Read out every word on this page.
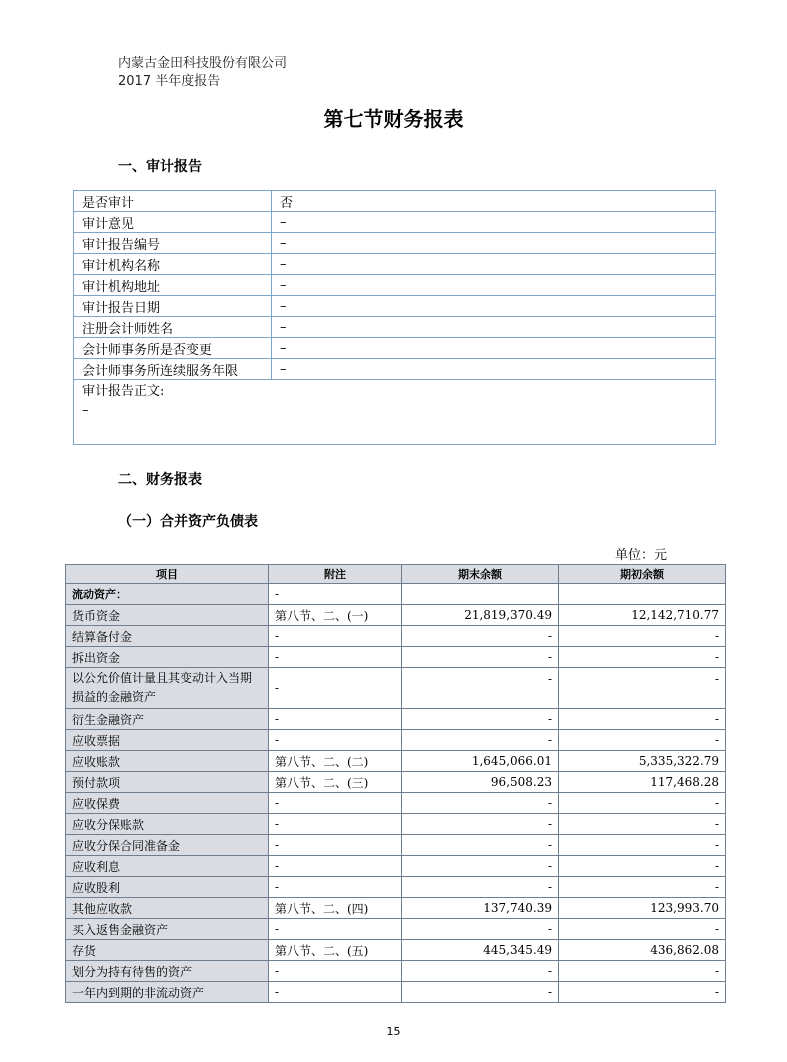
内蒙古金田科技股份有限公司
2017 半年度报告
第七节财务报表
一、审计报告
是否审计	否
审计意见	–
审计报告编号	–
审计机构名称	–
审计机构地址	–
审计报告日期	–
注册会计师姓名	–
会计师事务所是否变更	–
会计师事务所连续服务年限	–

审计报告正文:
–	
二、财务报表
（一）合并资产负债表
单位：元
项目	附注	期末余额	期初余额
流动资产：	-		
货币资金	第八节、二、(一)	21,819,370.49	12,142,710.77
结算备付金	-	-	-
拆出资金	-	-	-
以公允价值计量且其变动计入当期损益的金融资产	-	-	-
衍生金融资产	-	-	-
应收票据	-	-	-
应收账款	第八节、二、(二)	1,645,066.01	5,335,322.79
预付款项	第八节、二、(三)	96,508.23	117,468.28
应收保费	-	-	-
应收分保账款	-	-	-
应收分保合同准备金	-	-	-
应收利息	-	-	-
应收股利	-	-	-
其他应收款	第八节、二、(四)	137,740.39	123,993.70
买入返售金融资产	-	-	-
存货	第八节、二、(五)	445,345.49	436,862.08
划分为持有待售的资产	-	-	-
一年内到期的非流动资产	-	-	-
15
